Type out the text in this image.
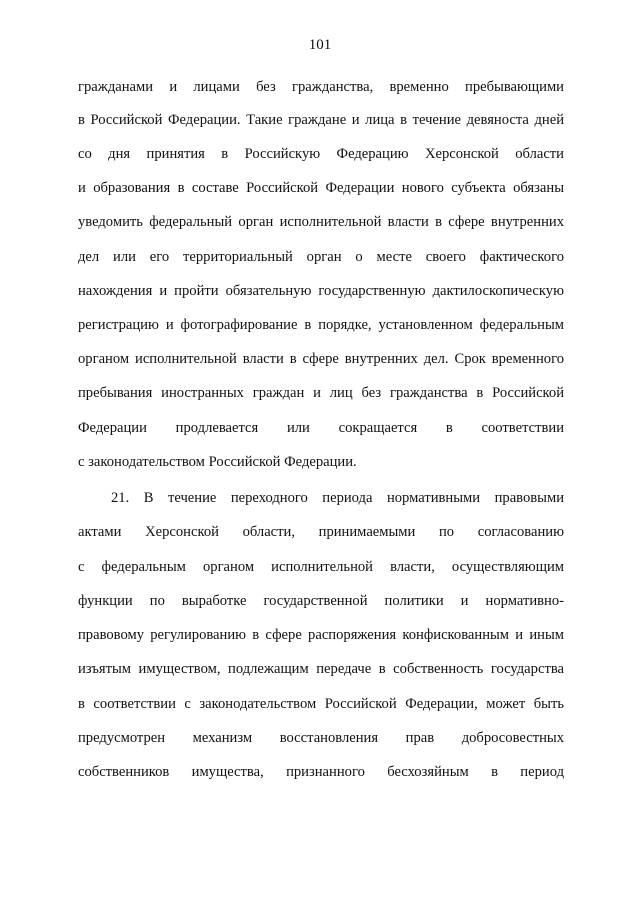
101
гражданами и лицами без гражданства, временно пребывающими
в Российской Федерации. Такие граждане и лица в течение девяноста дней
со дня принятия в Российскую Федерацию Херсонской области
и образования в составе Российской Федерации нового субъекта обязаны
уведомить федеральный орган исполнительной власти в сфере внутренних
дел или его территориальный орган о месте своего фактического
нахождения и пройти обязательную государственную дактилоскопическую
регистрацию и фотографирование в порядке, установленном федеральным
органом исполнительной власти в сфере внутренних дел. Срок временного
пребывания иностранных граждан и лиц без гражданства в Российской
Федерации продлевается или сокращается в соответствии
с законодательством Российской Федерации.
21. В течение переходного периода нормативными правовыми
актами Херсонской области, принимаемыми по согласованию
с федеральным органом исполнительной власти, осуществляющим
функции по выработке государственной политики и нормативно-
правовому регулированию в сфере распоряжения конфискованным и иным
изъятым имуществом, подлежащим передаче в собственность государства
в соответствии с законодательством Российской Федерации, может быть
предусмотрен механизм восстановления прав добросовестных
собственников имущества, признанного бесхозяйным в период
